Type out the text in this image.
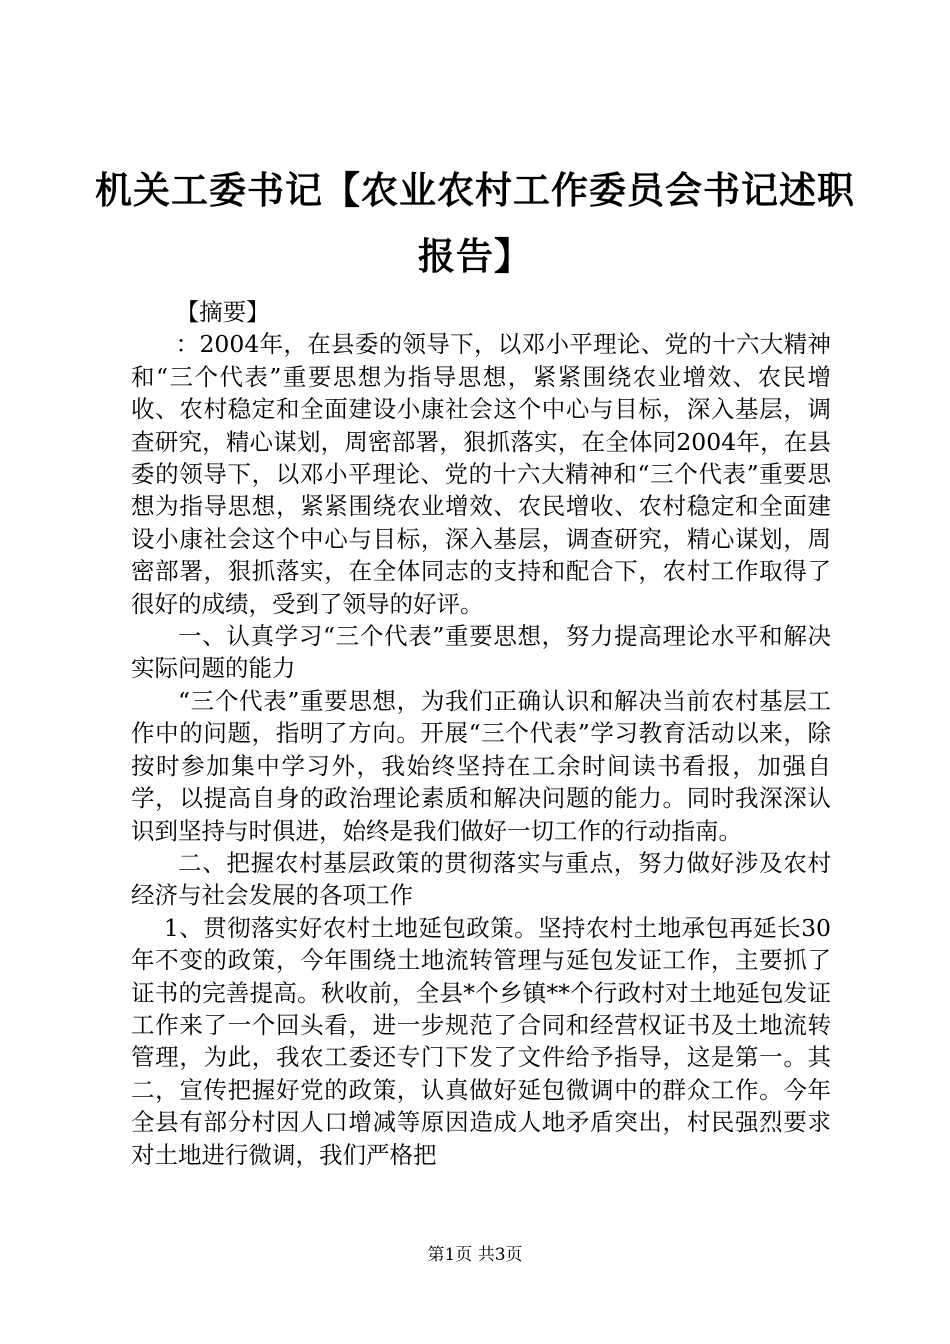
机关工委书记【农业农村工作委员会书记述职报告】

【摘要】

：2004年，在县委的领导下，以邓小平理论、党的十六大精神和“三个代表”重要思想为指导思想，紧紧围绕农业增效、农民增收、农村稳定和全面建设小康社会这个中心与目标，深入基层，调查研究，精心谋划，周密部署，狠抓落实，在全体同2004年，在县委的领导下，以邓小平理论、党的十六大精神和“三个代表”重要思想为指导思想，紧紧围绕农业增效、农民增收、农村稳定和全面建设小康社会这个中心与目标，深入基层，调查研究，精心谋划，周密部署，狠抓落实，在全体同志的支持和配合下，农村工作取得了很好的成绩，受到了领导的好评。

一、认真学习“三个代表”重要思想，努力提高理论水平和解决实际问题的能力

“三个代表”重要思想，为我们正确认识和解决当前农村基层工作中的问题，指明了方向。开展“三个代表”学习教育活动以来，除按时参加集中学习外，我始终坚持在工余时间读书看报，加强自学，以提高自身的政治理论素质和解决问题的能力。同时我深深认识到坚持与时俱进，始终是我们做好一切工作的行动指南。

二、把握农村基层政策的贯彻落实与重点，努力做好涉及农村经济与社会发展的各项工作

1、贯彻落实好农村土地延包政策。坚持农村土地承包再延长30年不变的政策，今年围绕土地流转管理与延包发证工作，主要抓了证书的完善提高。秋收前，全县*个乡镇**个行政村对土地延包发证工作来了一个回头看，进一步规范了合同和经营权证书及土地流转管理，为此，我农工委还专门下发了文件给予指导，这是第一。其二，宣传把握好党的政策，认真做好延包微调中的群众工作。今年全县有部分村因人口增减等原因造成人地矛盾突出，村民强烈要求对土地进行微调，我们严格把

第1页 共3页
